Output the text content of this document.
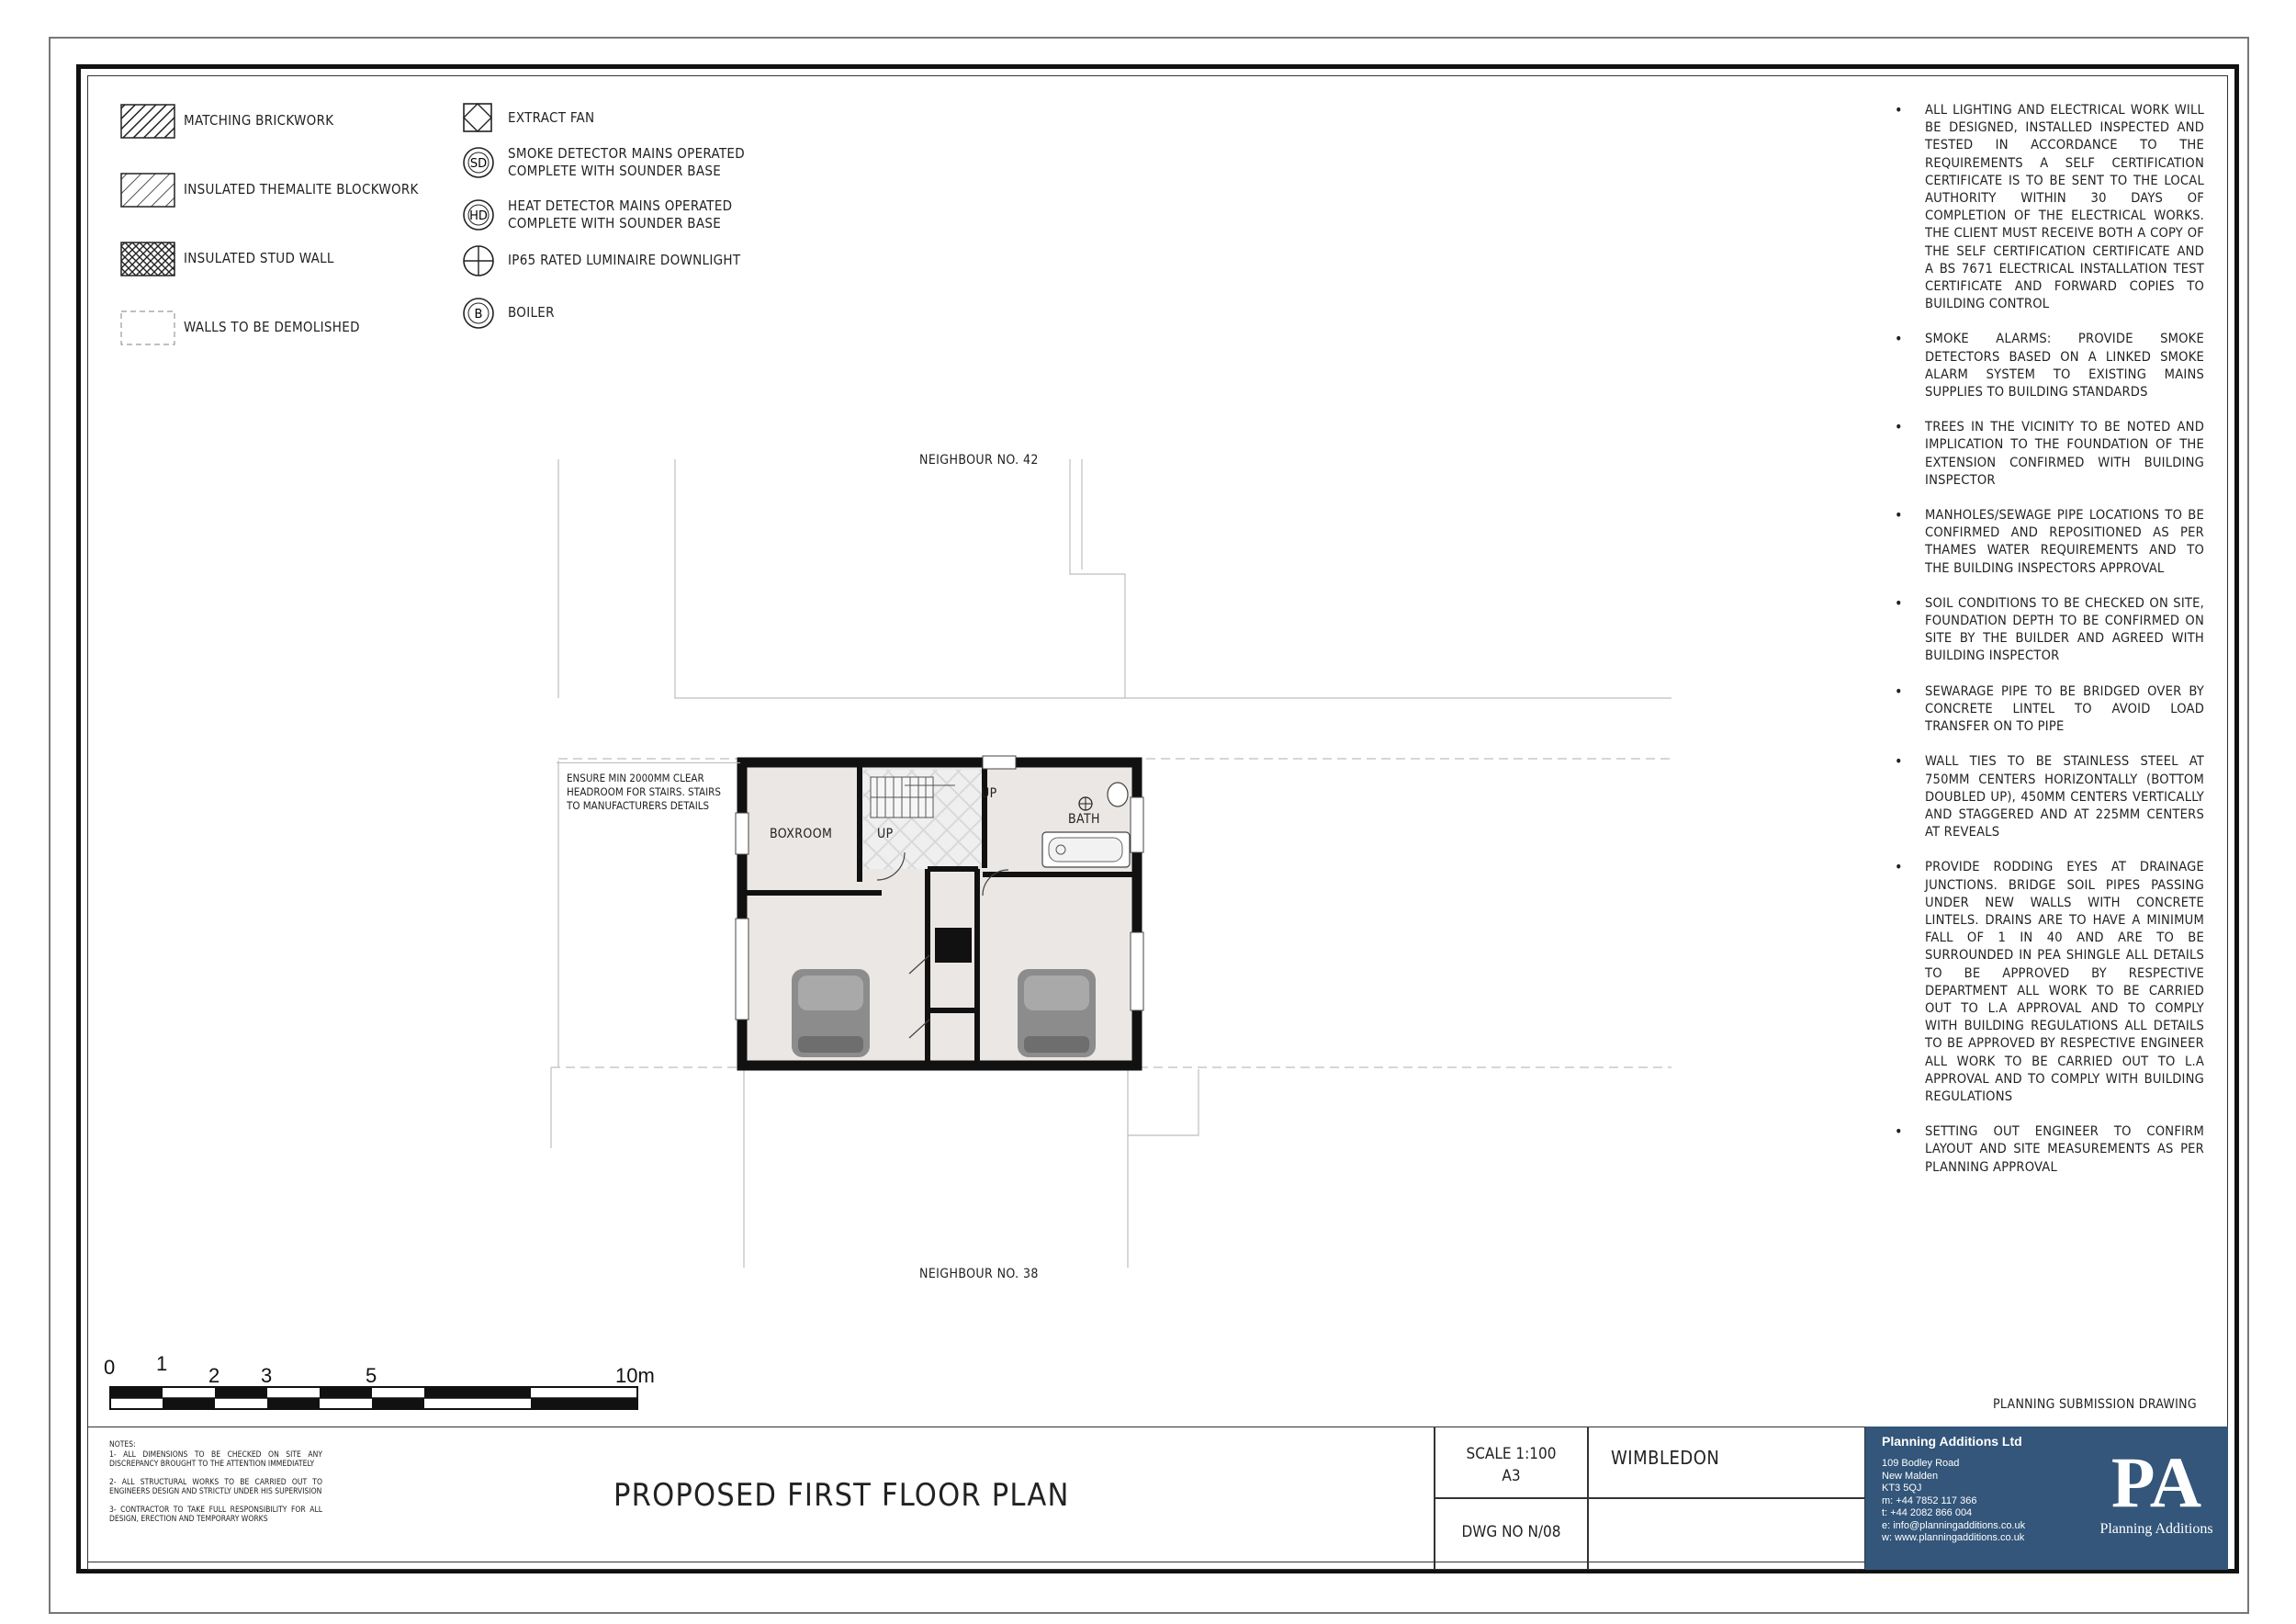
SD
HD
B
0 1
2 3	5	10m
MATCHING BRICKWORK
INSULATED THEMALITE BLOCKWORK
INSULATED STUD WALL
WALLS TO BE DEMOLISHED
EXTRACT FAN
SMOKE DETECTOR MAINS OPERATED
COMPLETE WITH SOUNDER BASE
HEAT DETECTOR MAINS OPERATED
COMPLETE WITH SOUNDER BASE
IP65 RATED LUMINAIRE DOWNLIGHT
BOILER
NEIGHBOUR NO. 42
NEIGHBOUR NO. 38
ENSURE MIN 2000MM CLEAR
HEADROOM FOR STAIRS. STAIRS
TO MANUFACTURERS DETAILS
BOXROOM
BATH
UP
UP
• ALL LIGHTING AND ELECTRICAL WORK WILL BE DESIGNED, INSTALLED INSPECTED AND TESTED IN ACCORDANCE TO THE REQUIREMENTS A SELF CERTIFICATION CERTIFICATE IS TO BE SENT TO THE LOCAL AUTHORITY WITHIN 30 DAYS OF COMPLETION OF THE ELECTRICAL WORKS. THE CLIENT MUST RECEIVE BOTH A COPY OF THE SELF CERTIFICATION CERTIFICATE AND A BS 7671 ELECTRICAL INSTALLATION TEST CERTIFICATE AND FORWARD COPIES TO BUILDING CONTROL
• SMOKE ALARMS: PROVIDE SMOKE DETECTORS BASED ON A LINKED SMOKE ALARM SYSTEM TO EXISTING MAINS SUPPLIES TO BUILDING STANDARDS
• TREES IN THE VICINITY TO BE NOTED AND IMPLICATION TO THE FOUNDATION OF THE EXTENSION CONFIRMED WITH BUILDING INSPECTOR
• MANHOLES/SEWAGE PIPE LOCATIONS TO BE CONFIRMED AND REPOSITIONED AS PER THAMES WATER REQUIREMENTS AND TO THE BUILDING INSPECTORS APPROVAL
• SOIL CONDITIONS TO BE CHECKED ON SITE, FOUNDATION DEPTH TO BE CONFIRMED ON SITE BY THE BUILDER AND AGREED WITH BUILDING INSPECTOR
• SEWARAGE PIPE TO BE BRIDGED OVER BY CONCRETE LINTEL TO AVOID LOAD TRANSFER ON TO PIPE
• WALL TIES TO BE STAINLESS STEEL AT 750MM CENTERS HORIZONTALLY (BOTTOM DOUBLED UP), 450MM CENTERS VERTICALLY AND STAGGERED AND AT 225MM CENTERS AT REVEALS
• PROVIDE RODDING EYES AT DRAINAGE JUNCTIONS. BRIDGE SOIL PIPES PASSING UNDER NEW WALLS WITH CONCRETE LINTELS. DRAINS ARE TO HAVE A MINIMUM FALL OF 1 IN 40 AND ARE TO BE SURROUNDED IN PEA SHINGLE ALL DETAILS TO BE APPROVED BY RESPECTIVE DEPARTMENT ALL WORK TO BE CARRIED OUT TO L.A APPROVAL AND TO COMPLY WITH BUILDING REGULATIONS ALL DETAILS TO BE APPROVED BY RESPECTIVE ENGINEER ALL WORK TO BE CARRIED OUT TO L.A APPROVAL AND TO COMPLY WITH BUILDING REGULATIONS
• SETTING OUT ENGINEER TO CONFIRM LAYOUT AND SITE MEASUREMENTS AS PER PLANNING APPROVAL
PLANNING SUBMISSION DRAWING
NOTES:
1- ALL DIMENSIONS TO BE CHECKED ON SITE ANY DISCREPANCY BROUGHT TO THE ATTENTION IMMEDIATELY
2- ALL STRUCTURAL WORKS TO BE CARRIED OUT TO ENGINEERS DESIGN AND STRICTLY UNDER HIS SUPERVISION
3- CONTRACTOR TO TAKE FULL RESPONSIBILITY FOR ALL DESIGN, ERECTION AND TEMPORARY WORKS
PROPOSED FIRST FLOOR PLAN
SCALE 1:100
A3
DWG NO N/08
WIMBLEDON
Planning Additions Ltd
109 Bodley Road
New Malden
KT3 5QJ
m: +44 7852 117 366
t: +44 2082 866 004
e: info@planningadditions.co.uk
w: www.planningadditions.co.uk
PA
Planning Additions
